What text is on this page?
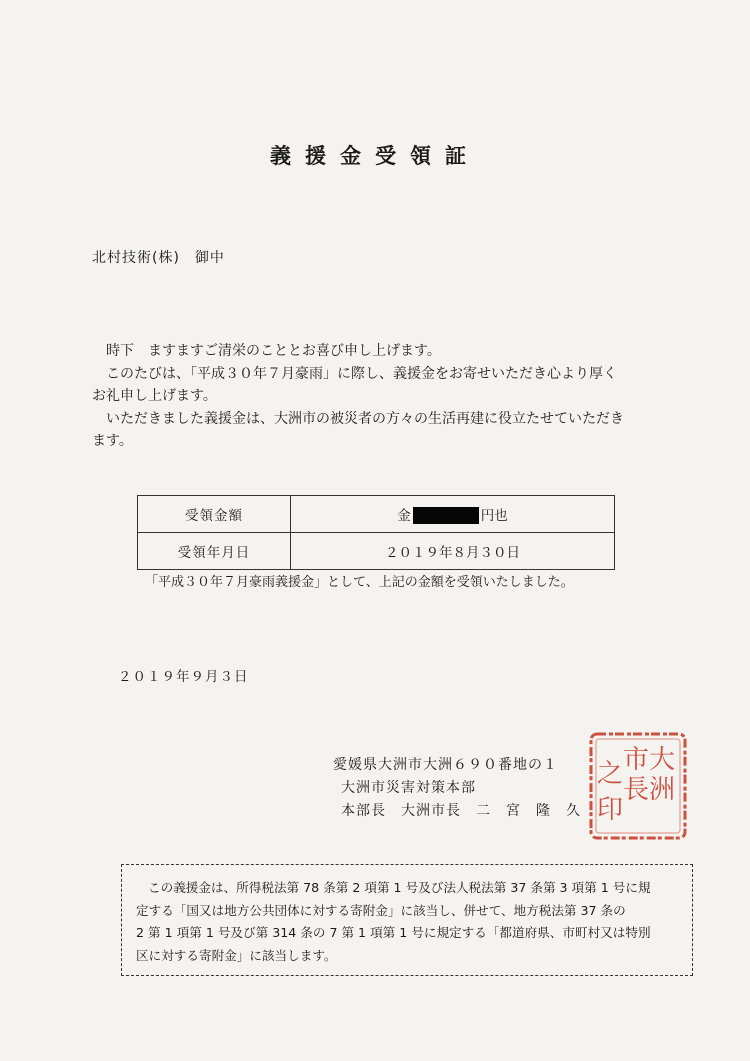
義援金受領証
北村技術(株)　御中

時下　ますますご清栄のこととお喜び申し上げます。

このたびは、「平成３０年７月豪雨」に際し、義援金をお寄せいただき心より厚く

お礼申し上げます。

いただきました義援金は、大洲市の被災者の方々の生活再建に役立たせていただき

ます。

受領金額	金 円也
受領年月日	２０１９年８月３０日
「平成３０年７月豪雨義援金」として、上記の金額を受領いたしました。
２０１９年９月３日
愛媛県大洲市大洲６９０番地の１
大洲市災害対策本部
本部長　大洲市長　二　宮　隆　久
大
洲
市
長
之
印
この義援金は、所得税法第 78 条第 2 項第 1 号及び法人税法第 37 条第 3 項第 1 号に規
定する「国又は地方公共団体に対する寄附金」に該当し、併せて、地方税法第 37 条の
2 第 1 項第 1 号及び第 314 条の 7 第 1 項第 1 号に規定する「都道府県、市町村又は特別
区に対する寄附金」に該当します。
